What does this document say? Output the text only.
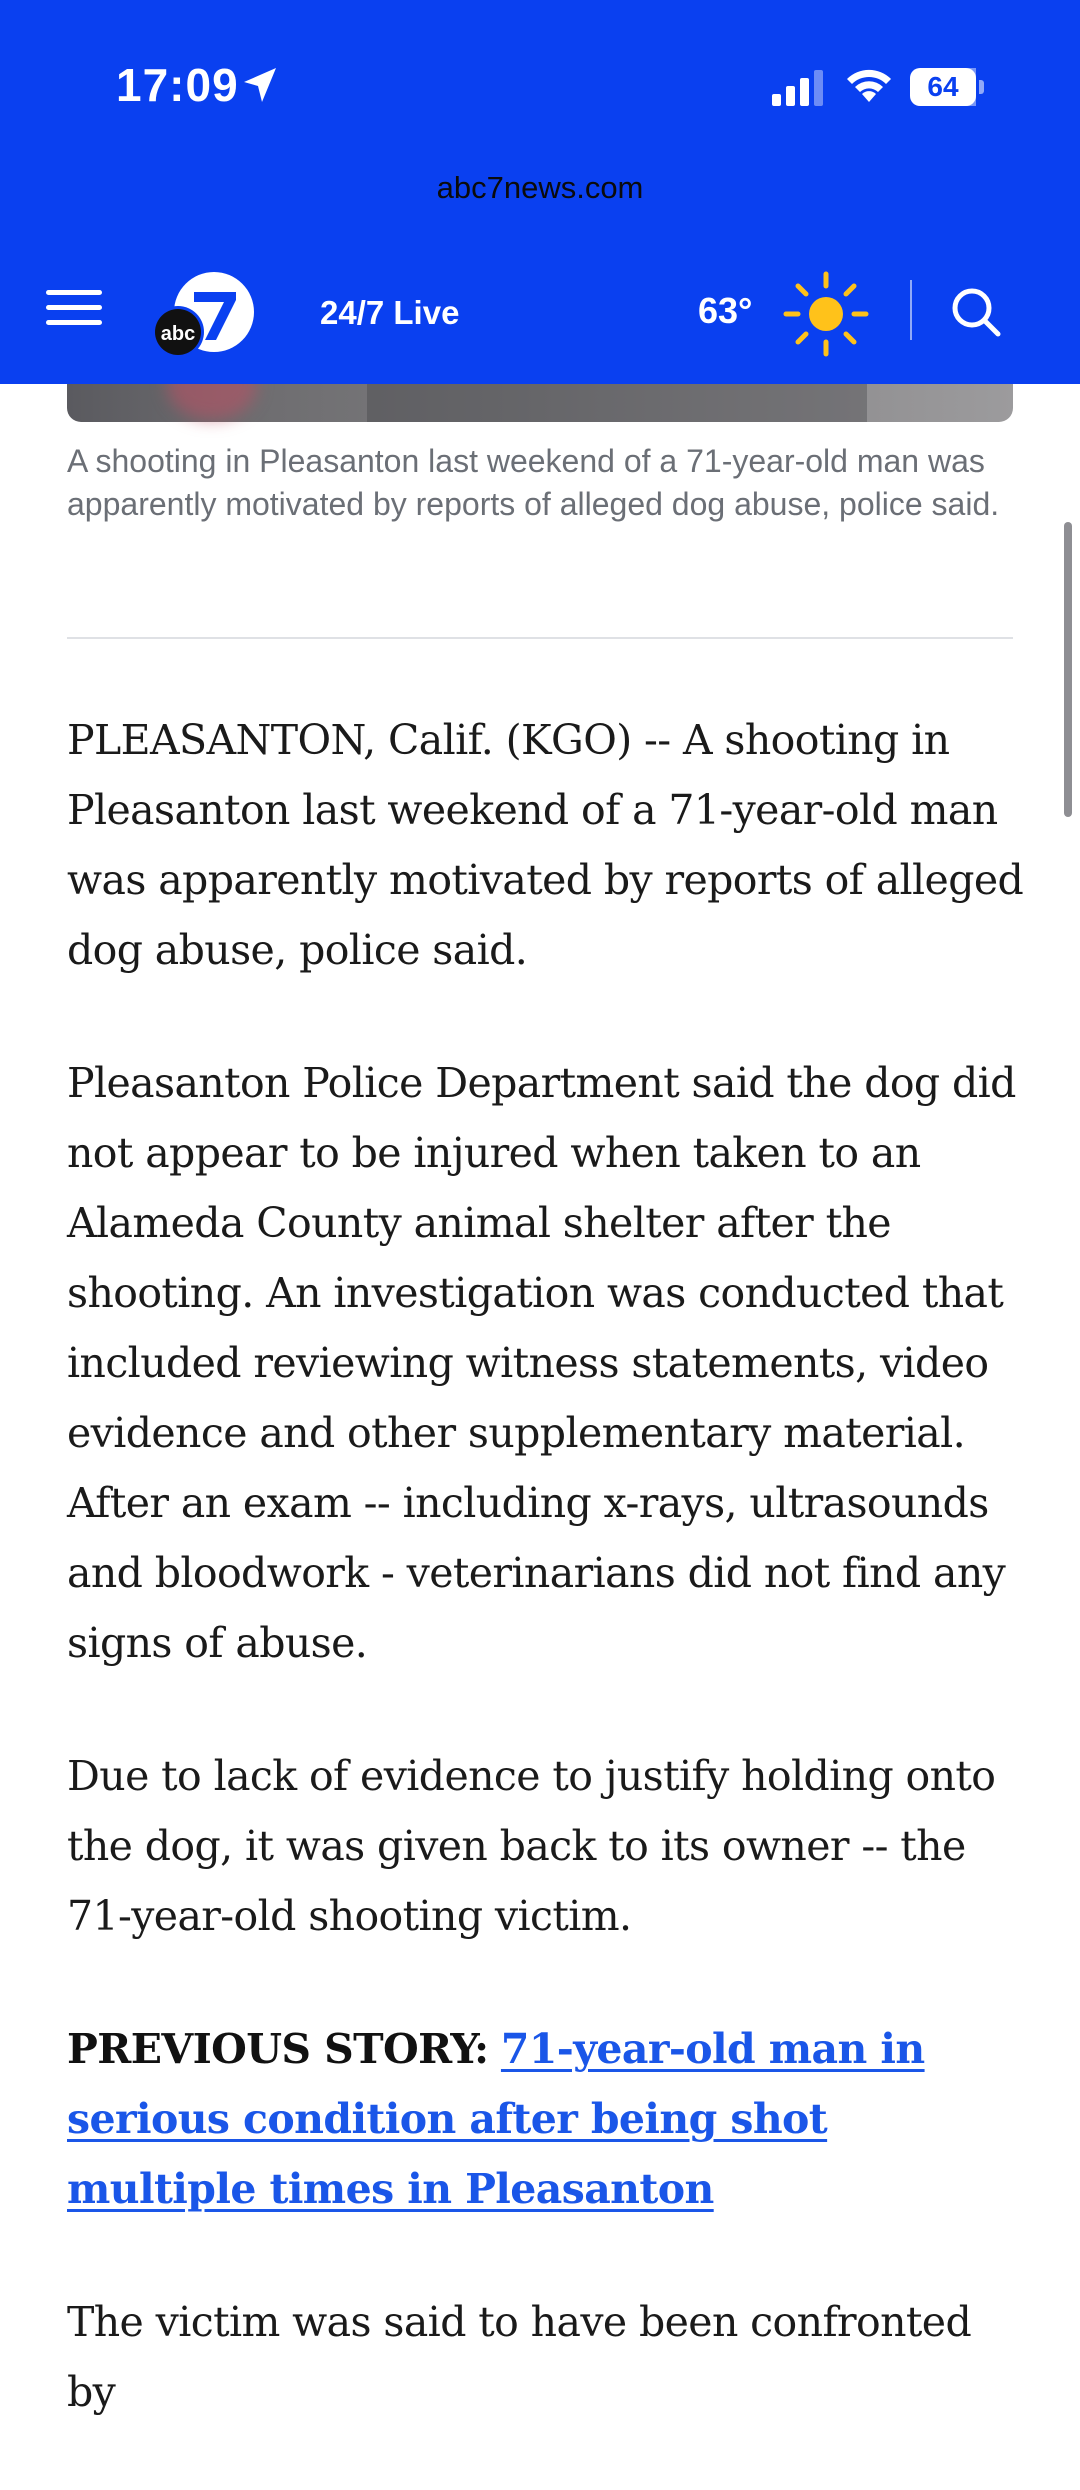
17:09	64
abc7news.com
abc
24/7 Live	63°
A shooting in Pleasanton last weekend of a 71-year-old man was apparently motivated by reports of alleged dog abuse, police said.

PLEASANTON, Calif. (KGO) -- A shooting in Pleasanton last weekend of a 71-year-old man was apparently motivated by reports of alleged dog abuse, police said.

Pleasanton Police Department said the dog did not appear to be injured when taken to an Alameda County animal shelter after the shooting. An investigation was conducted that included reviewing witness statements, video evidence and other supplementary material. After an exam -- including x-rays, ultrasounds and bloodwork - veterinarians did not find any signs of abuse.

Due to lack of evidence to justify holding onto the dog, it was given back to its owner -- the 71-year-old shooting victim.

PREVIOUS STORY: 71-year-old man in serious condition after being shot multiple times in Pleasanton

The victim was said to have been confronted by
